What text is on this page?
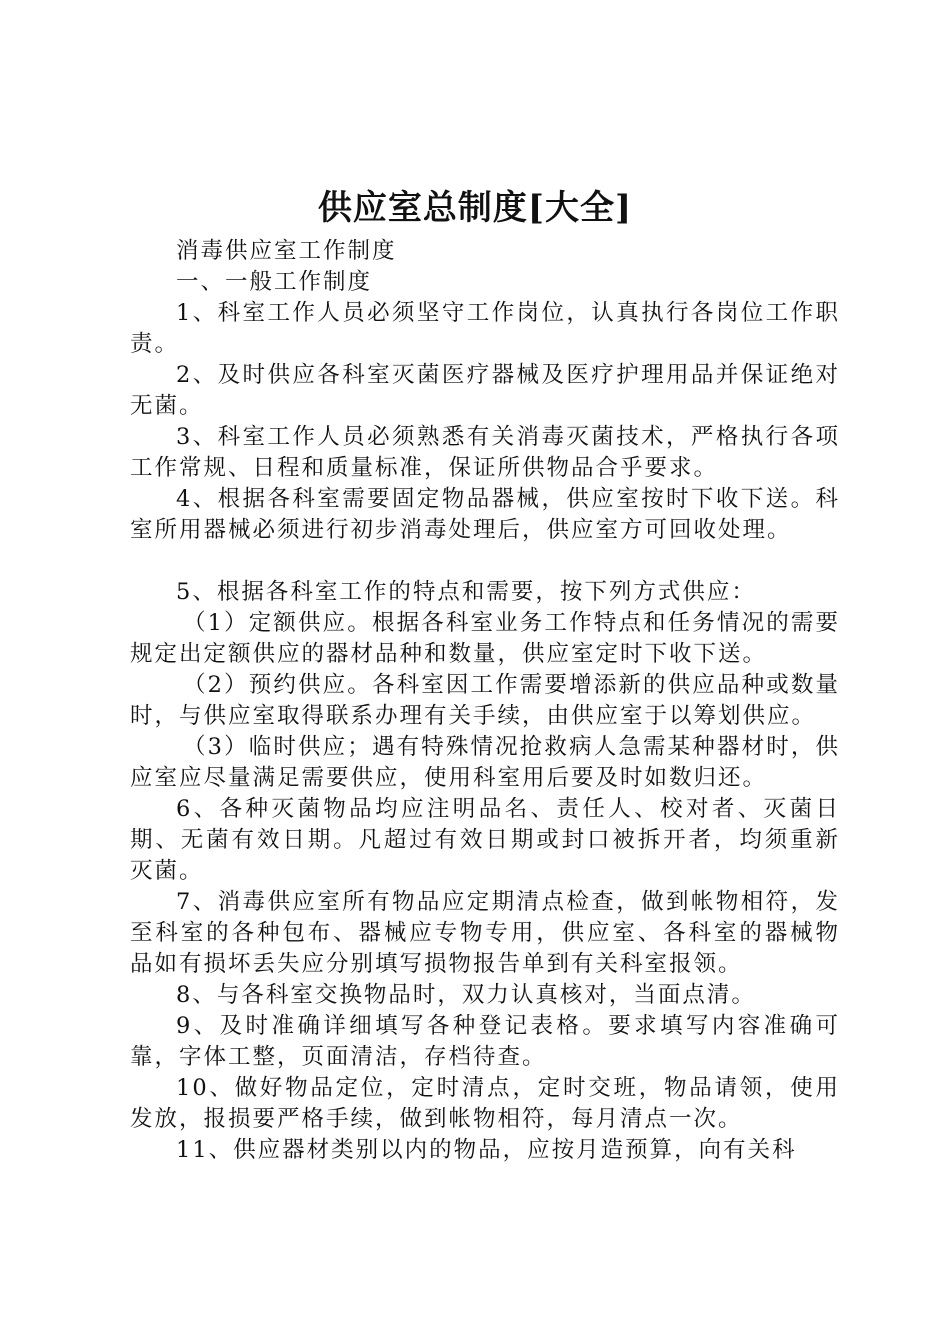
供应室总制度[大全]

消毒供应室工作制度

一、一般工作制度

1、科室工作人员必须坚守工作岗位，认真执行各岗位工作职责。

2、及时供应各科室灭菌医疗器械及医疗护理用品并保证绝对无菌。

3、科室工作人员必须熟悉有关消毒灭菌技术，严格执行各项工作常规、日程和质量标准，保证所供物品合乎要求。

4、根据各科室需要固定物品器械，供应室按时下收下送。科室所用器械必须进行初步消毒处理后，供应室方可回收处理。

5、根据各科室工作的特点和需要，按下列方式供应：

（1）定额供应。根据各科室业务工作特点和任务情况的需要规定出定额供应的器材品种和数量，供应室定时下收下送。

（2）预约供应。各科室因工作需要增添新的供应品种或数量时，与供应室取得联系办理有关手续，由供应室于以筹划供应。

（3）临时供应；遇有特殊情况抢救病人急需某种器材时，供应室应尽量满足需要供应，使用科室用后要及时如数归还。

6、各种灭菌物品均应注明品名、责任人、校对者、灭菌日期、无菌有效日期。凡超过有效日期或封口被拆开者，均须重新灭菌。

7、消毒供应室所有物品应定期清点检查，做到帐物相符，发至科室的各种包布、器械应专物专用，供应室、各科室的器械物品如有损坏丢失应分别填写损物报告单到有关科室报领。

8、与各科室交换物品时，双力认真核对，当面点清。

9、及时准确详细填写各种登记表格。要求填写内容准确可靠，字体工整，页面清洁，存档待查。

10、做好物品定位，定时清点，定时交班，物品请领，使用发放，报损要严格手续，做到帐物相符，每月清点一次。

11、供应器材类别以内的物品，应按月造预算，向有关科
